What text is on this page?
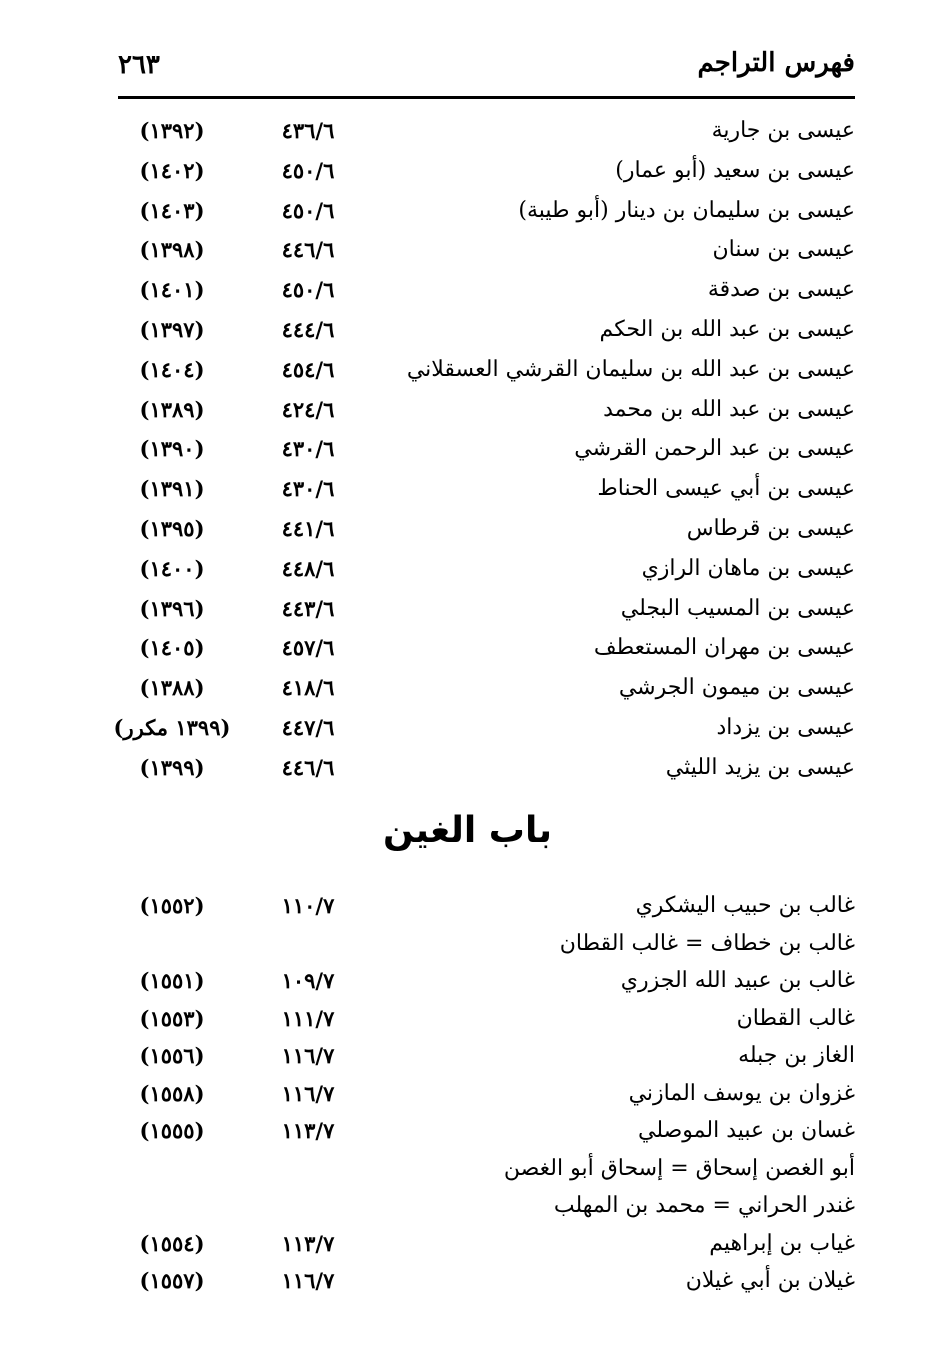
٢٦٣	فهرس التراجم
عيسى بن جارية
٤٣٦/٦
(١٣٩٢)
عيسى بن سعيد (أبو عمار)
٤٥٠/٦
(١٤٠٢)
عيسى بن سليمان بن دينار (أبو طيبة)
٤٥٠/٦
(١٤٠٣)
عيسى بن سنان
٤٤٦/٦
(١٣٩٨)
عيسى بن صدقة
٤٥٠/٦
(١٤٠١)
عيسى بن عبد الله بن الحكم
٤٤٤/٦
(١٣٩٧)
عيسى بن عبد الله بن سليمان القرشي العسقلاني
٤٥٤/٦
(١٤٠٤)
عيسى بن عبد الله بن محمد
٤٢٤/٦
(١٣٨٩)
عيسى بن عبد الرحمن القرشي
٤٣٠/٦
(١٣٩٠)
عيسى بن أبي عيسى الحناط
٤٣٠/٦
(١٣٩١)
عيسى بن قرطاس
٤٤١/٦
(١٣٩٥)
عيسى بن ماهان الرازي
٤٤٨/٦
(١٤٠٠)
عيسى بن المسيب البجلي
٤٤٣/٦
(١٣٩٦)
عيسى بن مهران المستعطف
٤٥٧/٦
(١٤٠٥)
عيسى بن ميمون الجرشي
٤١٨/٦
(١٣٨٨)
عيسى بن يزداد
٤٤٧/٦
(١٣٩٩ مكرر)
عيسى بن يزيد الليثي
٤٤٦/٦
(١٣٩٩)
باب الغين
غالب بن حبيب اليشكري
١١٠/٧
(١٥٥٢)
غالب بن خطاف = غالب القطان
غالب بن عبيد الله الجزري
١٠٩/٧
(١٥٥١)
غالب القطان
١١١/٧
(١٥٥٣)
الغاز بن جبله
١١٦/٧
(١٥٥٦)
غزوان بن يوسف المازني
١١٦/٧
(١٥٥٨)
غسان بن عبيد الموصلي
١١٣/٧
(١٥٥٥)
أبو الغصن إسحاق = إسحاق أبو الغصن
غندر الحراني = محمد بن المهلب
غياب بن إبراهيم
١١٣/٧
(١٥٥٤)
غيلان بن أبي غيلان
١١٦/٧
(١٥٥٧)
